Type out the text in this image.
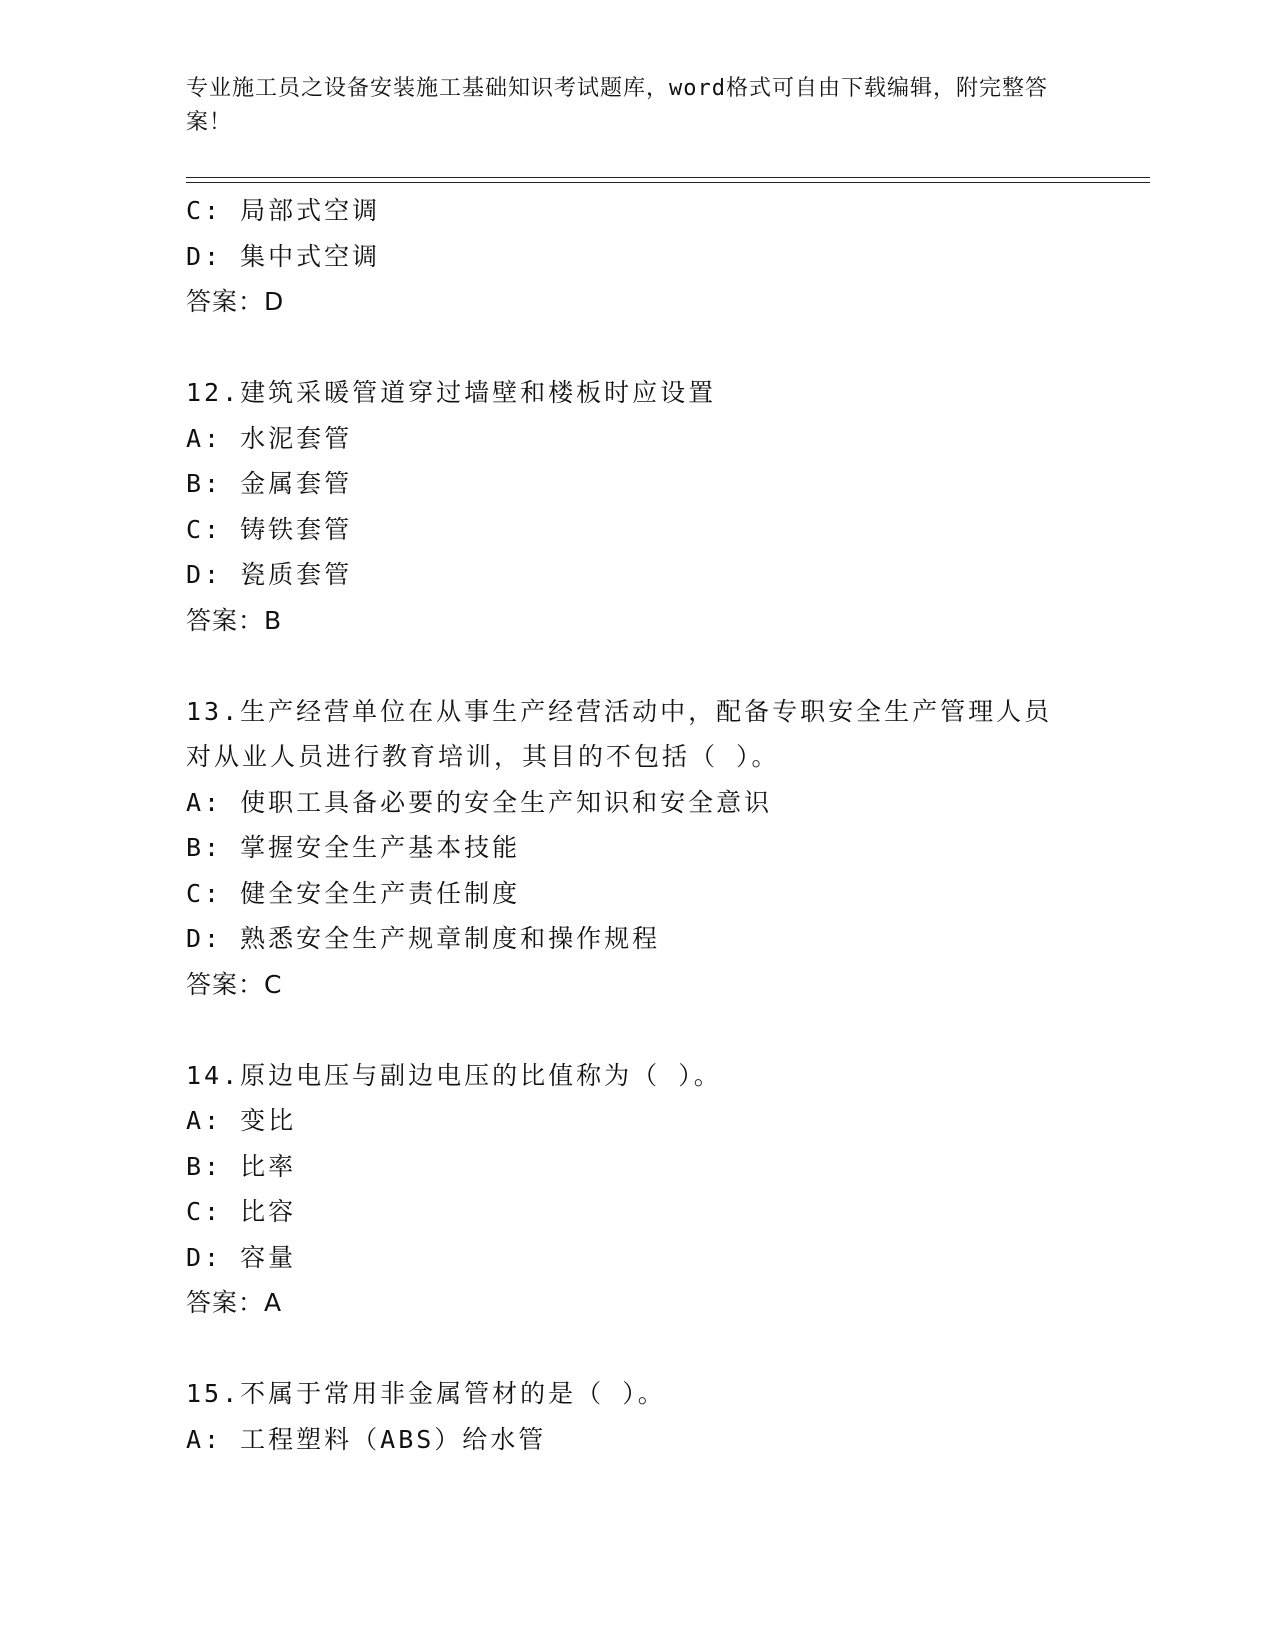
专业施工员之设备安装施工基础知识考试题库，word格式可自由下载编辑，附完整答案！
C: 局部式空调
D: 集中式空调
答案：D
12.建筑采暖管道穿过墙壁和楼板时应设置
A: 水泥套管
B: 金属套管
C: 铸铁套管
D: 瓷质套管
答案：B
13.生产经营单位在从事生产经营活动中，配备专职安全生产管理人员
对从业人员进行教育培训，其目的不包括（ ）。
A: 使职工具备必要的安全生产知识和安全意识
B: 掌握安全生产基本技能
C: 健全安全生产责任制度
D: 熟悉安全生产规章制度和操作规程
答案：C
14.原边电压与副边电压的比值称为（ ）。
A: 变比
B: 比率
C: 比容
D: 容量
答案：A
15.不属于常用非金属管材的是（ ）。
A: 工程塑料（ABS）给水管
